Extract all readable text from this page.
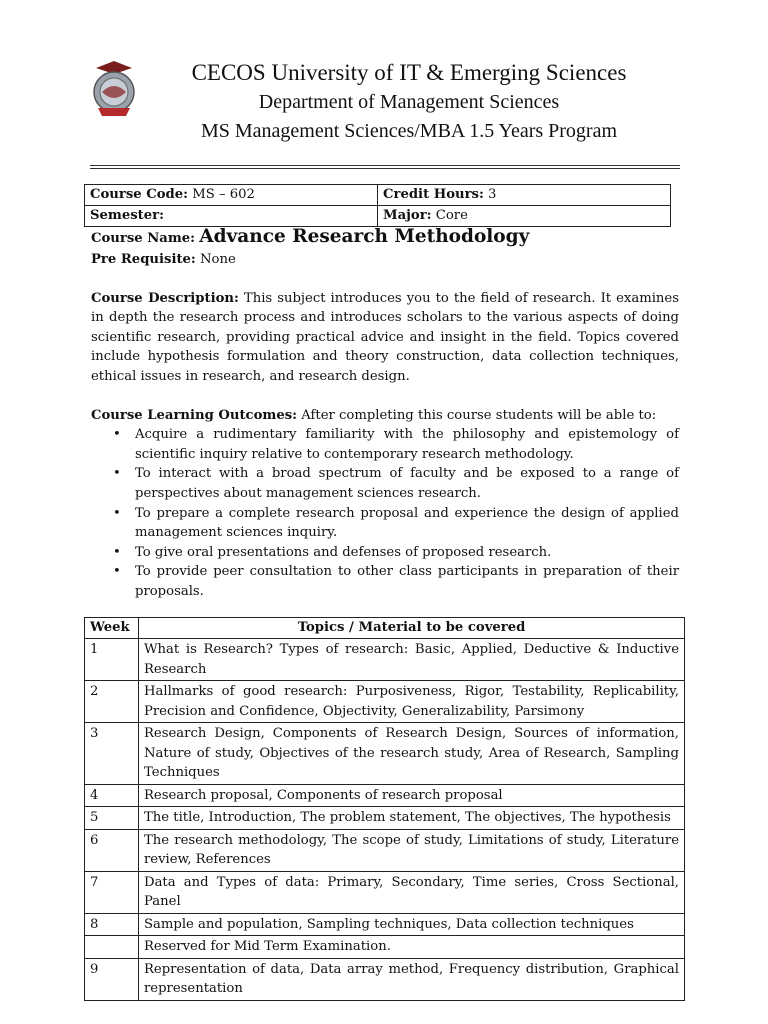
CECOS University of IT & Emerging Sciences
Department of Management Sciences
MS Management Sciences/MBA 1.5 Years Program
Course Code: MS – 602	Credit Hours: 3
Semester:	Major: Core
Course Name: Advance Research Methodology
Pre Requisite: None

Course Description: This subject introduces you to the field of research. It examines in depth the research process and introduces scholars to the various aspects of doing scientific research, providing practical advice and insight in the field. Topics covered include hypothesis formulation and theory construction, data collection techniques, ethical issues in research, and research design.

Course Learning Outcomes: After completing this course students will be able to:
• Acquire a rudimentary familiarity with the philosophy and epistemology of scientific inquiry relative to contemporary research methodology.
• To interact with a broad spectrum of faculty and be exposed to a range of perspectives about management sciences research.
• To prepare a complete research proposal and experience the design of applied management sciences inquiry.
• To give oral presentations and defenses of proposed research.
• To provide peer consultation to other class participants in preparation of their proposals.
Week	Topics / Material to be covered
1	What is Research? Types of research: Basic, Applied, Deductive & Inductive Research
2	Hallmarks of good research: Purposiveness, Rigor, Testability, Replicability, Precision and Confidence, Objectivity, Generalizability, Parsimony
3	Research Design, Components of Research Design, Sources of information, Nature of study, Objectives of the research study, Area of Research, Sampling Techniques
4	Research proposal, Components of research proposal
5	The title, Introduction, The problem statement, The objectives, The hypothesis
6	The research methodology, The scope of study, Limitations of study, Literature review, References
7	Data and Types of data: Primary, Secondary, Time series, Cross Sectional, Panel
8	Sample and population, Sampling techniques, Data collection techniques
	Reserved for Mid Term Examination.
9	Representation of data, Data array method, Frequency distribution, Graphical representation
